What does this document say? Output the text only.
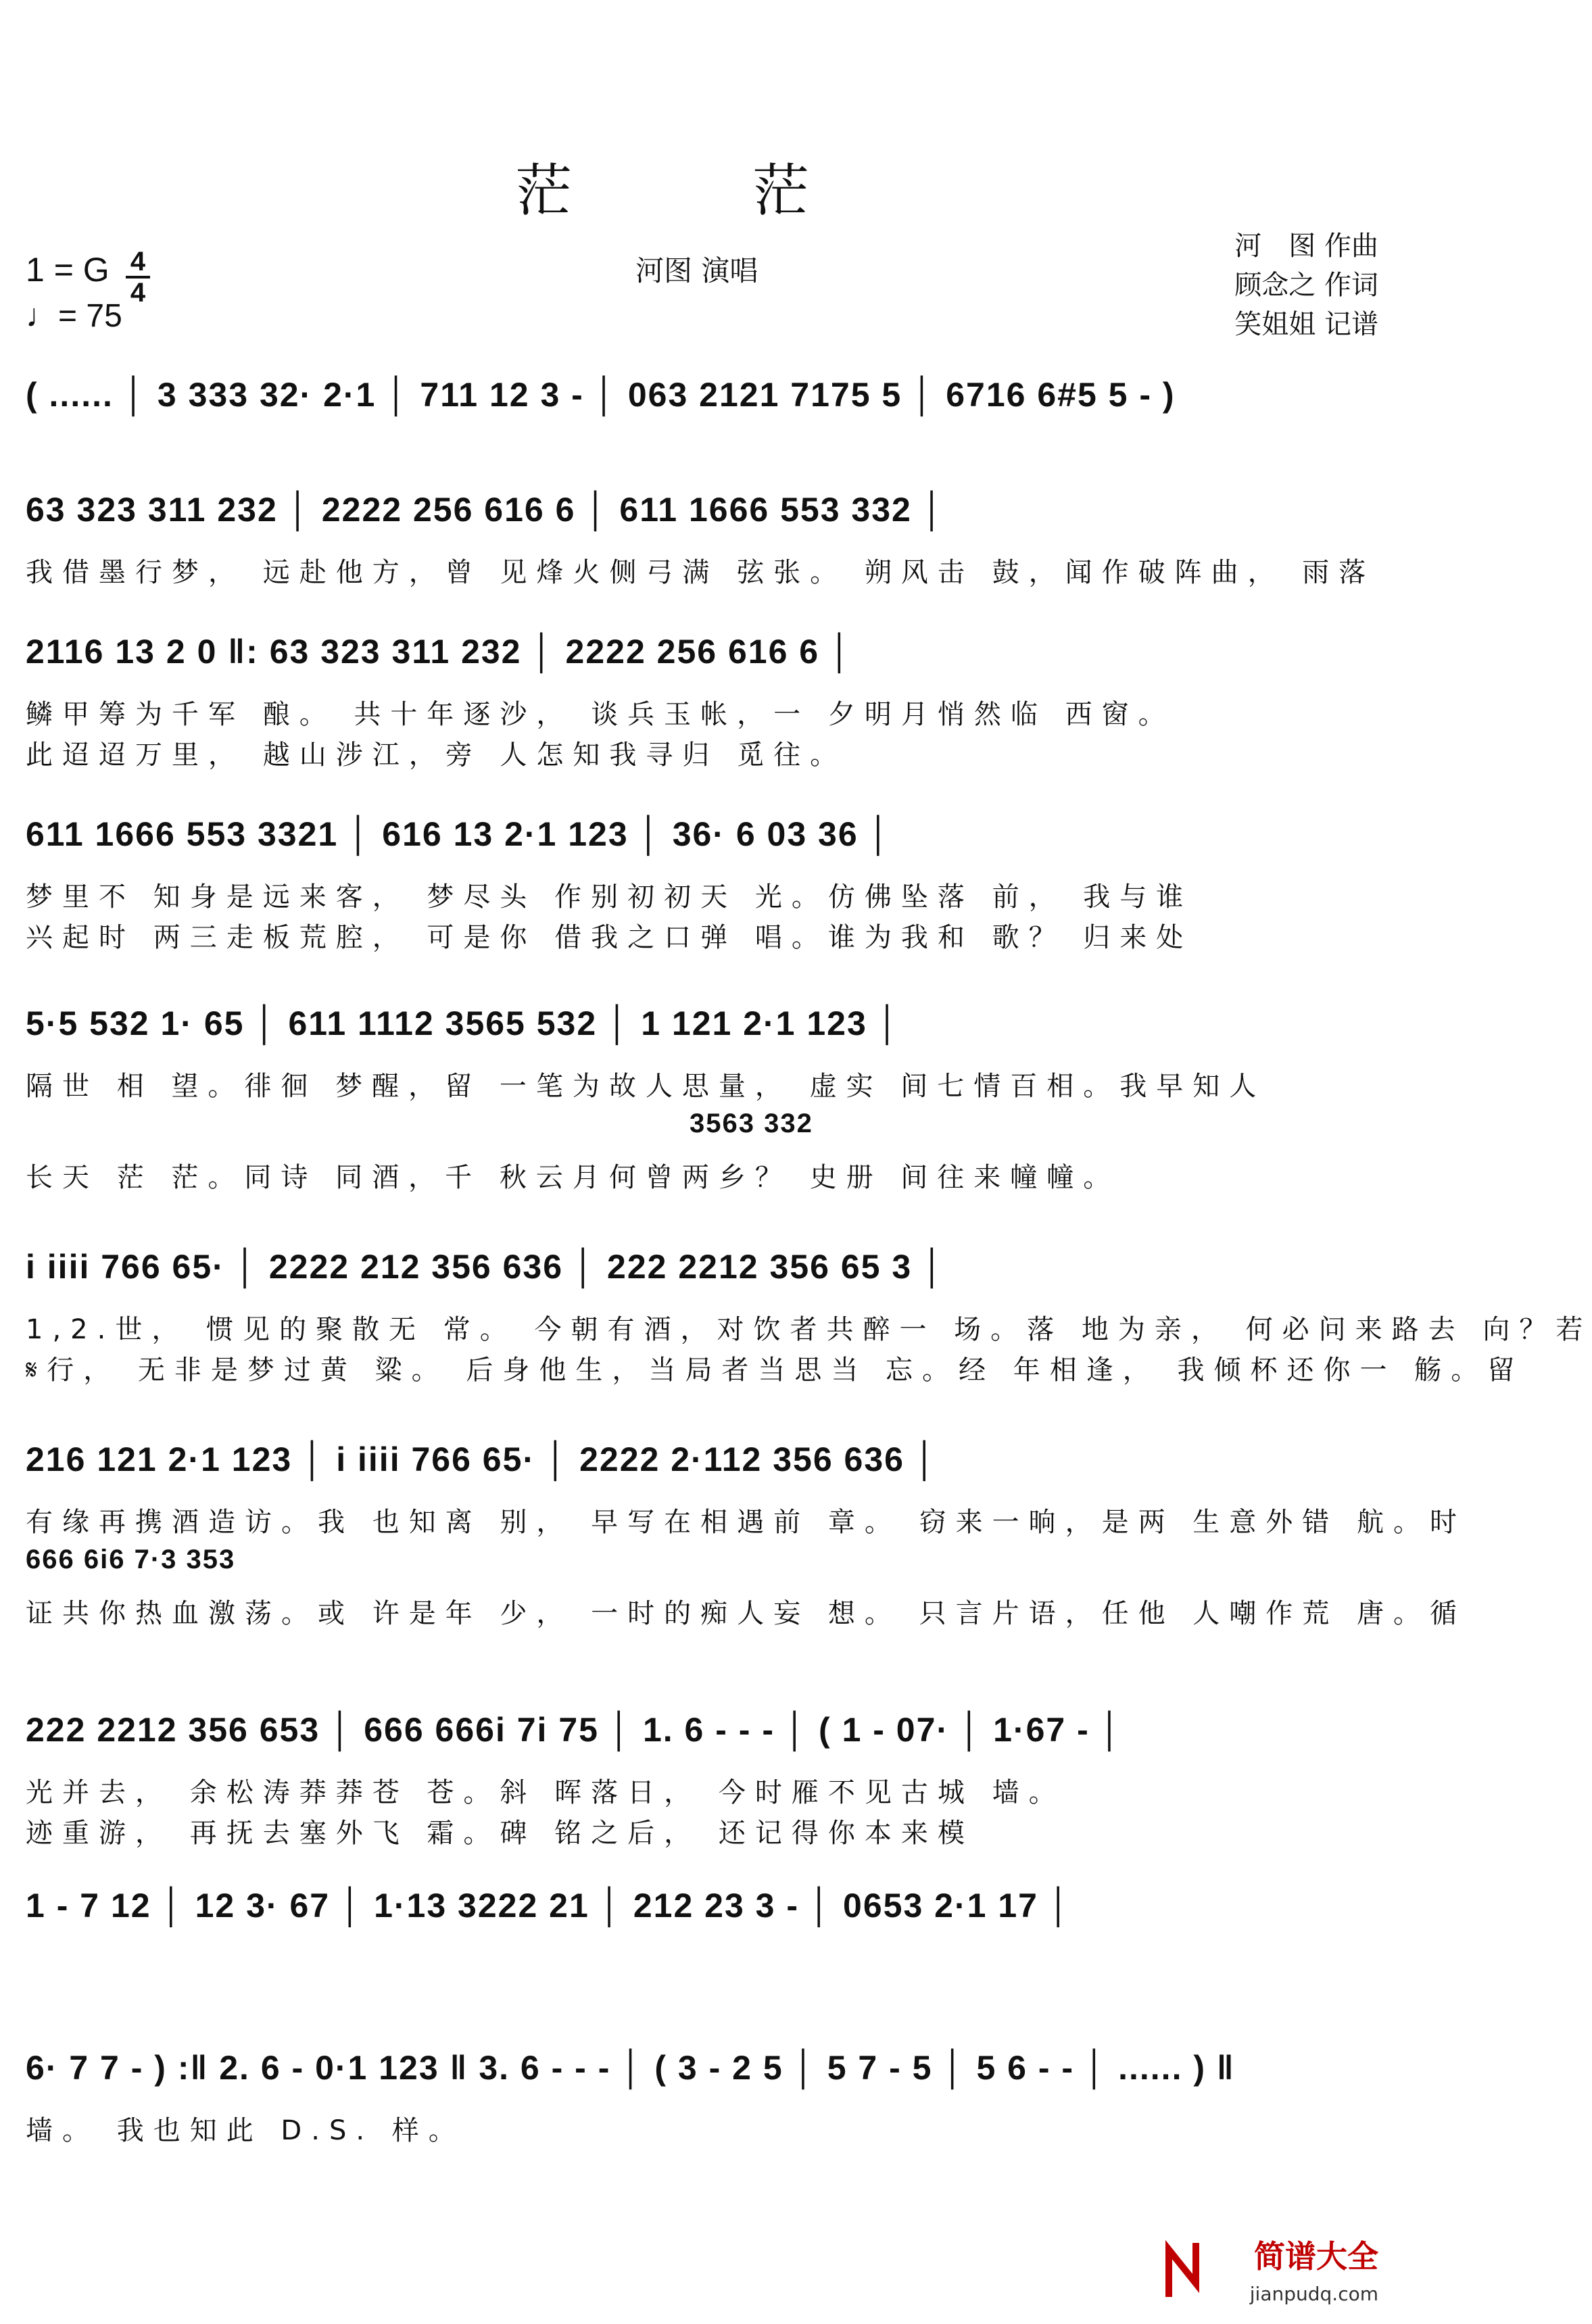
茫 茫
1 = G 4
4
♩= 75
河图 演唱
河　图 作曲
顾念之 作词
笑姐姐 记谱
( ...... │ 3 333 32· 2·1 │ 711 12 3 - │ 063 2121 7175 5 │ 6716 6#5 5 - )
63 323 311 232 │ 2222 256 616 6 │ 611 1666 553 332 │
我借墨行梦， 远赴他方，曾 见烽火侧弓满 弦张。 朔风击 鼓，闻作破阵曲， 雨落
2116 13 2 0 ‖: 63 323 311 232 │ 2222 256 616 6 │
鳞甲筹为千军 酿。 共十年逐沙， 谈兵玉帐，一 夕明月悄然临 西窗。
此迢迢万里， 越山涉江，旁 人怎知我寻归 觅往。
611 1666 553 3321 │ 616 13 2·1 123 │ 36· 6 03 36 │
梦里不 知身是远来客， 梦尽头 作别初初天 光。仿佛坠落 前， 我与谁
兴起时 两三走板荒腔， 可是你 借我之口弹 唱。谁为我和 歌？ 归来处
5·5 532 1· 65 │ 611 1112 3565 532 │ 1 121 2·1 123 │
隔世 相 望。徘徊 梦醒，留 一笔为故人思量， 虚实 间七情百相。我早知人
3563 332
长天 茫 茫。同诗 同酒，千 秋云月何曾两乡？ 史册 间往来幢幢。
i iiii 766 65· │ 2222 212 356 636 │ 222 2212 356 65 3 │
1,2.世， 惯见的聚散无 常。 今朝有酒，对饮者共醉一 场。落 地为亲， 何必问来路去 向？若
𝄋行， 无非是梦过黄 粱。 后身他生，当局者当思当 忘。经 年相逢， 我倾杯还你一 觞。留
216 121 2·1 123 │ i iiii 766 65· │ 2222 2·112 356 636 │
有缘再携酒造访。我 也知离 别， 早写在相遇前 章。 窃来一晌，是两 生意外错 航。时
666 6i6 7·3 353
证共你热血激荡。或 许是年 少， 一时的痴人妄 想。 只言片语，任他 人嘲作荒 唐。循
222 2212 356 653 │ 666 666i 7i 75 │ 1. 6 - - - │ ( 1 - 07· │ 1·67 - │
光并去， 余松涛莽莽苍 苍。斜 晖落日， 今时雁不见古城 墙。
迹重游， 再抚去塞外飞 霜。碑 铭之后， 还记得你本来模
1 - 7 12 │ 12 3· 67 │ 1·13 3222 21 │ 212 23 3 - │ 0653 2·1 17 │
6· 7 7 - ) :‖ 2. 6 - 0·1 123 ‖ 3. 6 - - - │ ( 3 - 2 5 │ 5 7 - 5 │ 5 6 - - │ ...... ) ‖
墙。 我也知此 D.S. 样。
简谱大全
jianpudq.com
